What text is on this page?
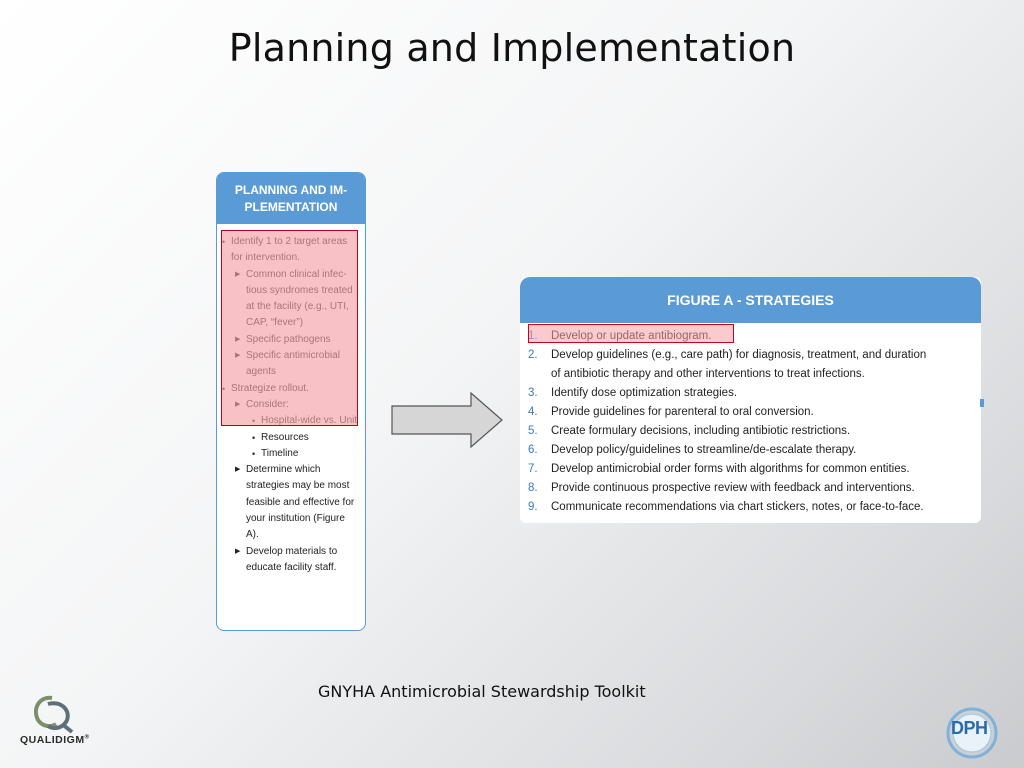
Planning and Implementation
PLANNING AND IM-PLEMENTATION
•
▶
▶
▶
•
▶
•
• Resources
• Timeline
▶ Determine which
strategies may be most
feasible and effective for
your institution (Figure
A).
▶ Develop materials to
educate facility staff.
FIGURE A - STRATEGIES
2. Develop guidelines (e.g., care path) for diagnosis, treatment, and duration
of antibiotic therapy and other interventions to treat infections.
3. Identify dose optimization strategies.
4. Provide guidelines for parenteral to oral conversion.
5. Create formulary decisions, including antibiotic restrictions.
6. Develop policy/guidelines to streamline/de-escalate therapy.
7. Develop antimicrobial order forms with algorithms for common entities.
8. Provide continuous prospective review with feedback and interventions.
9. Communicate recommendations via chart stickers, notes, or face-to-face.
GNYHA Antimicrobial Stewardship Toolkit
QUALIDIGM®	DPH
